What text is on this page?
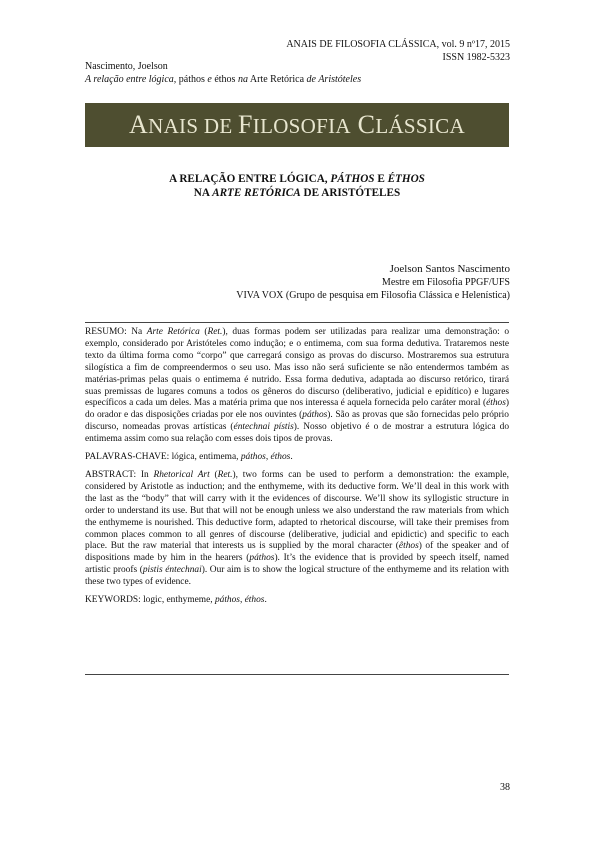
ANAIS DE FILOSOFIA CLÁSSICA, vol. 9 nº17, 2015
ISSN 1982-5323
Nascimento, Joelson
A relação entre lógica, páthos e éthos na Arte Retórica de Aristóteles
ANAIS DE FILOSOFIA CLÁSSICA
A RELAÇÃO ENTRE LÓGICA, PÁTHOS E ÉTHOS
NA ARTE RETÓRICA DE ARISTÓTELES
Joelson Santos Nascimento
Mestre em Filosofia PPGF/UFS
VIVA VOX (Grupo de pesquisa em Filosofia Clássica e Helenística)

RESUMO: Na Arte Retórica (Ret.), duas formas podem ser utilizadas para realizar uma demonstração: o exemplo, considerado por Aristóteles como indução; e o entimema, com sua forma dedutiva. Trataremos neste texto da última forma como “corpo” que carregará consigo as provas do discurso. Mostraremos sua estrutura silogística a fim de compreendermos o seu uso. Mas isso não será suficiente se não entendermos também as matérias-primas pelas quais o entimema é nutrido. Essa forma dedutiva, adaptada ao discurso retórico, tirará suas premissas de lugares comuns a todos os gêneros do discurso (deliberativo, judicial e epidítico) e lugares específicos a cada um deles. Mas a matéria prima que nos interessa é aquela fornecida pelo caráter moral (éthos) do orador e das disposições criadas por ele nos ouvintes (páthos). São as provas que são fornecidas pelo próprio discurso, nomeadas provas artísticas (éntechnai pístis). Nosso objetivo é o de mostrar a estrutura lógica do entimema assim como sua relação com esses dois tipos de provas.

PALAVRAS-CHAVE: lógica, entimema, páthos, éthos.

ABSTRACT: In Rhetorical Art (Ret.), two forms can be used to perform a demonstration: the example, considered by Aristotle as induction; and the enthymeme, with its deductive form. We’ll deal in this work with the last as the “body” that will carry with it the evidences of discourse. We’ll show its syllogistic structure in order to understand its use. But that will not be enough unless we also understand the raw materials from which the enthymeme is nourished. This deductive form, adapted to rhetorical discourse, will take their premises from common places common to all genres of discourse (deliberative, judicial and epidictic) and specific to each place. But the raw material that interests us is supplied by the moral character (êthos) of the speaker and of dispositions made by him in the hearers (páthos). It’s the evidence that is provided by speech itself, named artistic proofs (pistis éntechnai). Our aim is to show the logical structure of the enthymeme and its relation with these two types of evidence.

KEYWORDS: logic, enthymeme, páthos, éthos.

38
